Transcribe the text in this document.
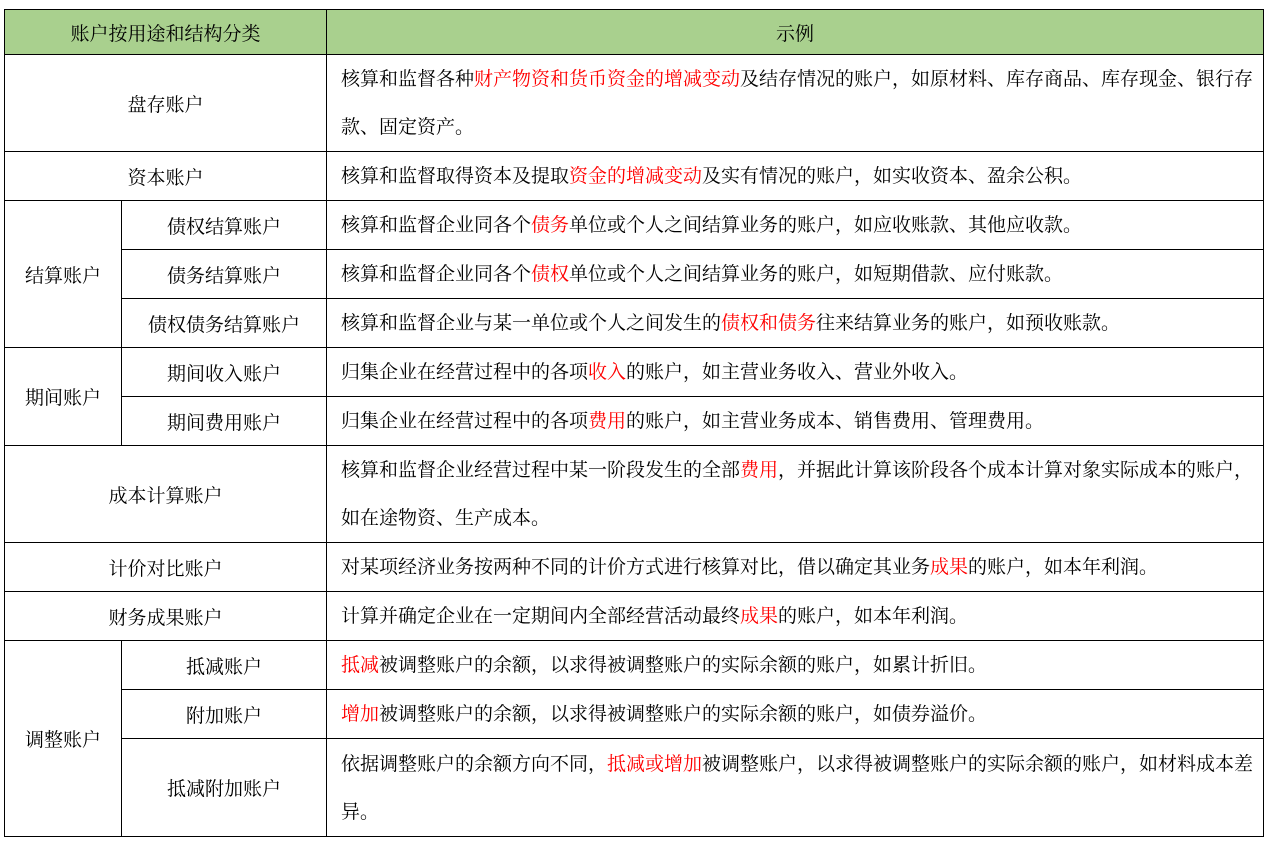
账户按用途和结构分类		示例
盘存账户		核算和监督各种财产物资和货币资金的增减变动及结存情况的账户，如原材料、库存商品、库存现金、银行存款、固定资产。
资本账户		核算和监督取得资本及提取资金的增减变动及实有情况的账户，如实收资本、盈余公积。
结算账户	债权结算账户	核算和监督企业同各个债务单位或个人之间结算业务的账户，如应收账款、其他应收款。
	债务结算账户	核算和监督企业同各个债权单位或个人之间结算业务的账户，如短期借款、应付账款。
	债权债务结算账户	核算和监督企业与某一单位或个人之间发生的债权和债务往来结算业务的账户，如预收账款。
期间账户	期间收入账户	归集企业在经营过程中的各项收入的账户，如主营业务收入、营业外收入。
	期间费用账户	归集企业在经营过程中的各项费用的账户，如主营业务成本、销售费用、管理费用。
成本计算账户		核算和监督企业经营过程中某一阶段发生的全部费用，并据此计算该阶段各个成本计算对象实际成本的账户，如在途物资、生产成本。
计价对比账户		对某项经济业务按两种不同的计价方式进行核算对比，借以确定其业务成果的账户，如本年利润。
财务成果账户		计算并确定企业在一定期间内全部经营活动最终成果的账户，如本年利润。
调整账户	抵减账户	抵减被调整账户的余额，以求得被调整账户的实际余额的账户，如累计折旧。
	附加账户	增加被调整账户的余额，以求得被调整账户的实际余额的账户，如债券溢价。
	抵减附加账户	依据调整账户的余额方向不同，抵减或增加被调整账户，以求得被调整账户的实际余额的账户，如材料成本差异。
